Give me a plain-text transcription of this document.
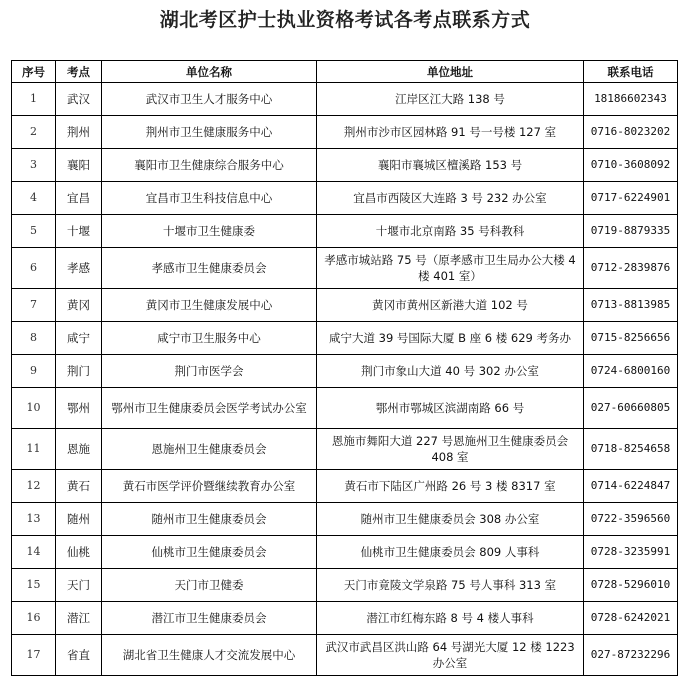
湖北考区护士执业资格考试各考点联系方式
序号	考点	单位名称	单位地址	联系电话
1	武汉	武汉市卫生人才服务中心	江岸区江大路 138 号	18186602343
2	荆州	荆州市卫生健康服务中心	荆州市沙市区园林路 91 号一号楼 127 室	0716-8023202
3	襄阳	襄阳市卫生健康综合服务中心	襄阳市襄城区檀溪路 153 号	0710-3608092
4	宜昌	宜昌市卫生科技信息中心	宜昌市西陵区大连路 3 号 232 办公室	0717-6224901
5	十堰	十堰市卫生健康委	十堰市北京南路 35 号科教科	0719-8879335
6	孝感	孝感市卫生健康委员会	孝感市城站路 75 号（原孝感市卫生局办公大楼 4 楼 401 室）	0712-2839876
7	黄冈	黄冈市卫生健康发展中心	黄冈市黄州区新港大道 102 号	0713-8813985
8	咸宁	咸宁市卫生服务中心	咸宁大道 39 号国际大厦 B 座 6 楼 629 考务办	0715-8256656
9	荆门	荆门市医学会	荆门市象山大道 40 号 302 办公室	0724-6800160
10	鄂州	鄂州市卫生健康委员会医学考试办公室	鄂州市鄂城区滨湖南路 66 号	027-60660805
11	恩施	恩施州卫生健康委员会	恩施市舞阳大道 227 号恩施州卫生健康委员会 408 室	0718-8254658
12	黄石	黄石市医学评价暨继续教育办公室	黄石市下陆区广州路 26 号 3 楼 8317 室	0714-6224847
13	随州	随州市卫生健康委员会	随州市卫生健康委员会 308 办公室	0722-3596560
14	仙桃	仙桃市卫生健康委员会	仙桃市卫生健康委员会 809 人事科	0728-3235991
15	天门	天门市卫健委	天门市竟陵文学泉路 75 号人事科 313 室	0728-5296010
16	潜江	潜江市卫生健康委员会	潜江市红梅东路 8 号 4 楼人事科	0728-6242021
17	省直	湖北省卫生健康人才交流发展中心	武汉市武昌区洪山路 64 号湖光大厦 12 楼 1223 办公室	027-87232296
